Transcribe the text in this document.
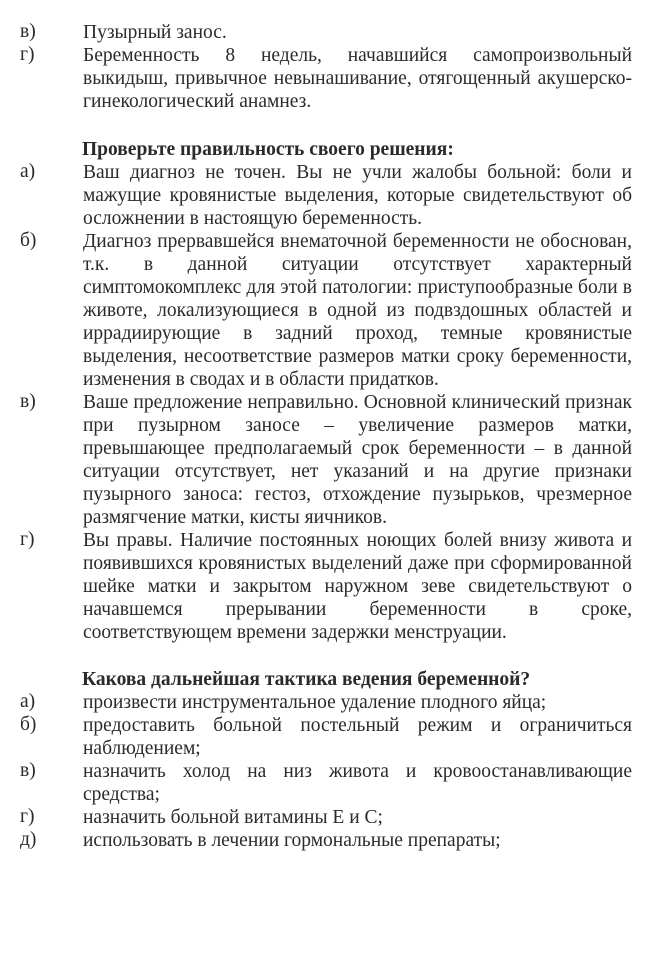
в)	Пузырный занос.
г)	Беременность 8 недель, начавшийся самопроизвольный выкидыш, привычное невынашивание, отягощенный акушерско-гинекологический анамнез.
Проверьте правильность своего решения:
а)	Ваш диагноз не точен. Вы не учли жалобы больной: боли и мажущие кровянистые выделения, которые свидетельствуют об осложнении в настоящую беременность.
б)	Диагноз прервавшейся внематочной беременности не обоснован, т.к. в данной ситуации отсутствует характерный симптомокомплекс для этой патологии: приступообразные боли в животе, локализующиеся в одной из подвздошных областей и иррадиирующие в задний проход, темные кровянистые выделения, несоответствие размеров матки сроку беременности, изменения в сводах и в области придатков.
в)	Ваше предложение неправильно. Основной клинический признак при пузырном заносе – увеличение размеров матки, превышающее предполагаемый срок беременности – в данной ситуации отсутствует, нет указаний и на другие признаки пузырного заноса: гестоз, отхождение пузырьков, чрезмерное размягчение матки, кисты яичников.
г)	Вы правы. Наличие постоянных ноющих болей внизу живота и появившихся кровянистых выделений даже при сформированной шейке матки и закрытом наружном зеве свидетельствуют о начавшемся прерывании беременности в сроке, соответствующем времени задержки менструации.
Какова дальнейшая тактика ведения беременной?
а)	произвести инструментальное удаление плодного яйца;
б)	предоставить больной постельный режим и ограничиться наблюдением;
в)	назначить холод на низ живота и кровоостанавливающие средства;
г)	назначить больной витамины Е и С;
д)	использовать в лечении гормональные препараты;
